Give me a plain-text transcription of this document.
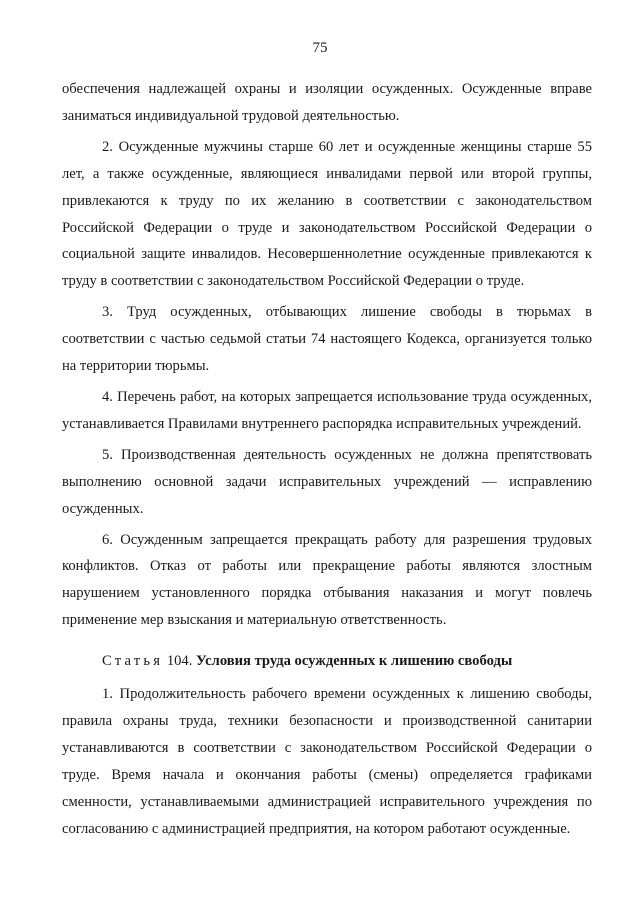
75

обеспечения надлежащей охраны и изоляции осужденных. Осужденные вправе заниматься индивидуальной трудовой деятельностью.

2. Осужденные мужчины старше 60 лет и осужденные женщины старше 55 лет, а также осужденные, являющиеся инвалидами первой или второй группы, привлекаются к труду по их желанию в соответствии с законодательством Российской Федерации о труде и законодательством Российской Федерации о социальной защите инвалидов. Несовершеннолетние осужденные привлекаются к труду в соответствии с законодательством Российской Федерации о труде.

3. Труд осужденных, отбывающих лишение свободы в тюрьмах в соответствии с частью седьмой статьи 74 настоящего Кодекса, организуется только на территории тюрьмы.

4. Перечень работ, на которых запрещается использование труда осужденных, устанавливается Правилами внутреннего распорядка исправительных учреждений.

5. Производственная деятельность осужденных не должна препятствовать выполнению основной задачи исправительных учреждений — исправлению осужденных.

6. Осужденным запрещается прекращать работу для разрешения трудовых конфликтов. Отказ от работы или прекращение работы являются злостным нарушением установленного порядка отбывания наказания и могут повлечь применение мер взыскания и материальную ответственность.

Статья 104. Условия труда осужденных к лишению свободы

1. Продолжительность рабочего времени осужденных к лишению свободы, правила охраны труда, техники безопасности и производственной санитарии устанавливаются в соответствии с законодательством Российской Федерации о труде. Время начала и окончания работы (смены) определяется графиками сменности, устанавливаемыми администрацией исправительного учреждения по согласованию с администрацией предприятия, на котором работают осужденные.
